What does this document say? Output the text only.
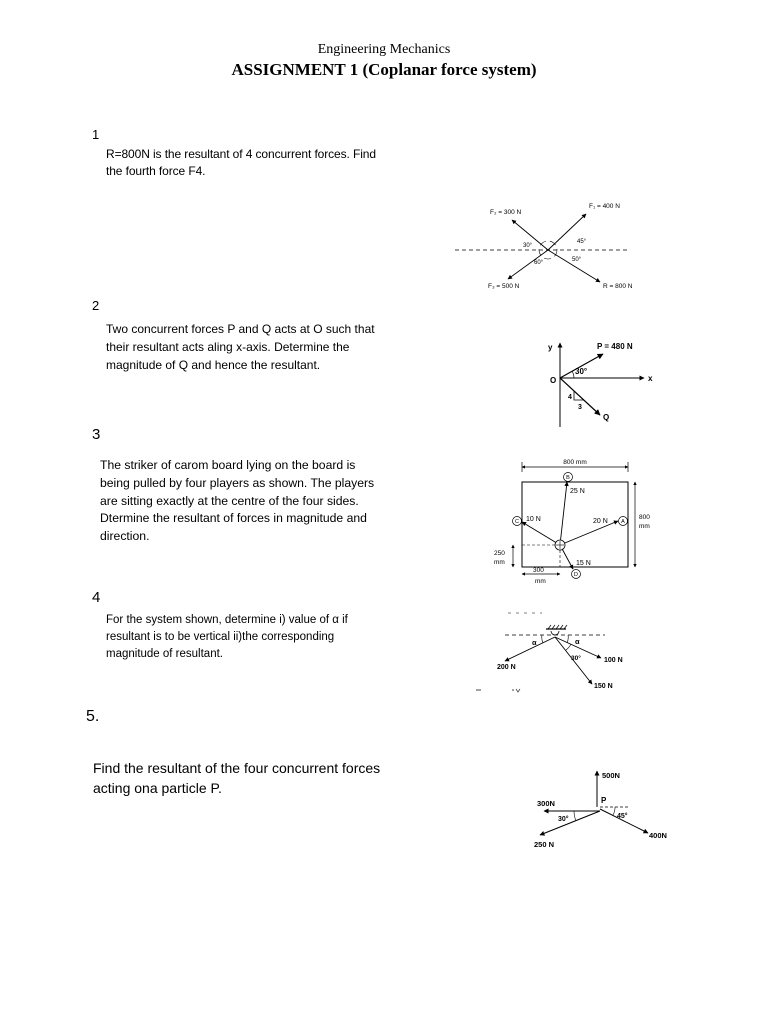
Engineering Mechanics
ASSIGNMENT 1 (Coplanar force system)
1
R=800N is the resultant of 4 concurrent forces. Find
the fourth force F4.
F₂ = 300 N
F₁ = 400 N
F₃ = 500 N	R = 800 N
30°
60°
45°
50°
2
Two concurrent forces P and Q acts at O such that
their resultant acts aling x-axis. Determine the
magnitude of Q and hence the resultant.
y
x
O
P = 480 N
30°
4
3
Q
3
The striker of carom board lying on the board is
being pulled by four players as shown. The players
are sitting exactly at the centre of the four sides.
Dtermine the resultant of forces in magnitude and
direction.
800 mm
800
mm
B
C	A
D
25 N
10 N	20 N
15 N
250
mm
300
mm
4
For the system shown, determine i) value of α if
resultant is to be vertical ii)the corresponding
magnitude of resultant.
α	α
30°
200 N
100 N
150 N
5.
Find the resultant of the four concurrent forces
acting ona particle P.
P
500N
300N
250 N
400N
30°	45°
